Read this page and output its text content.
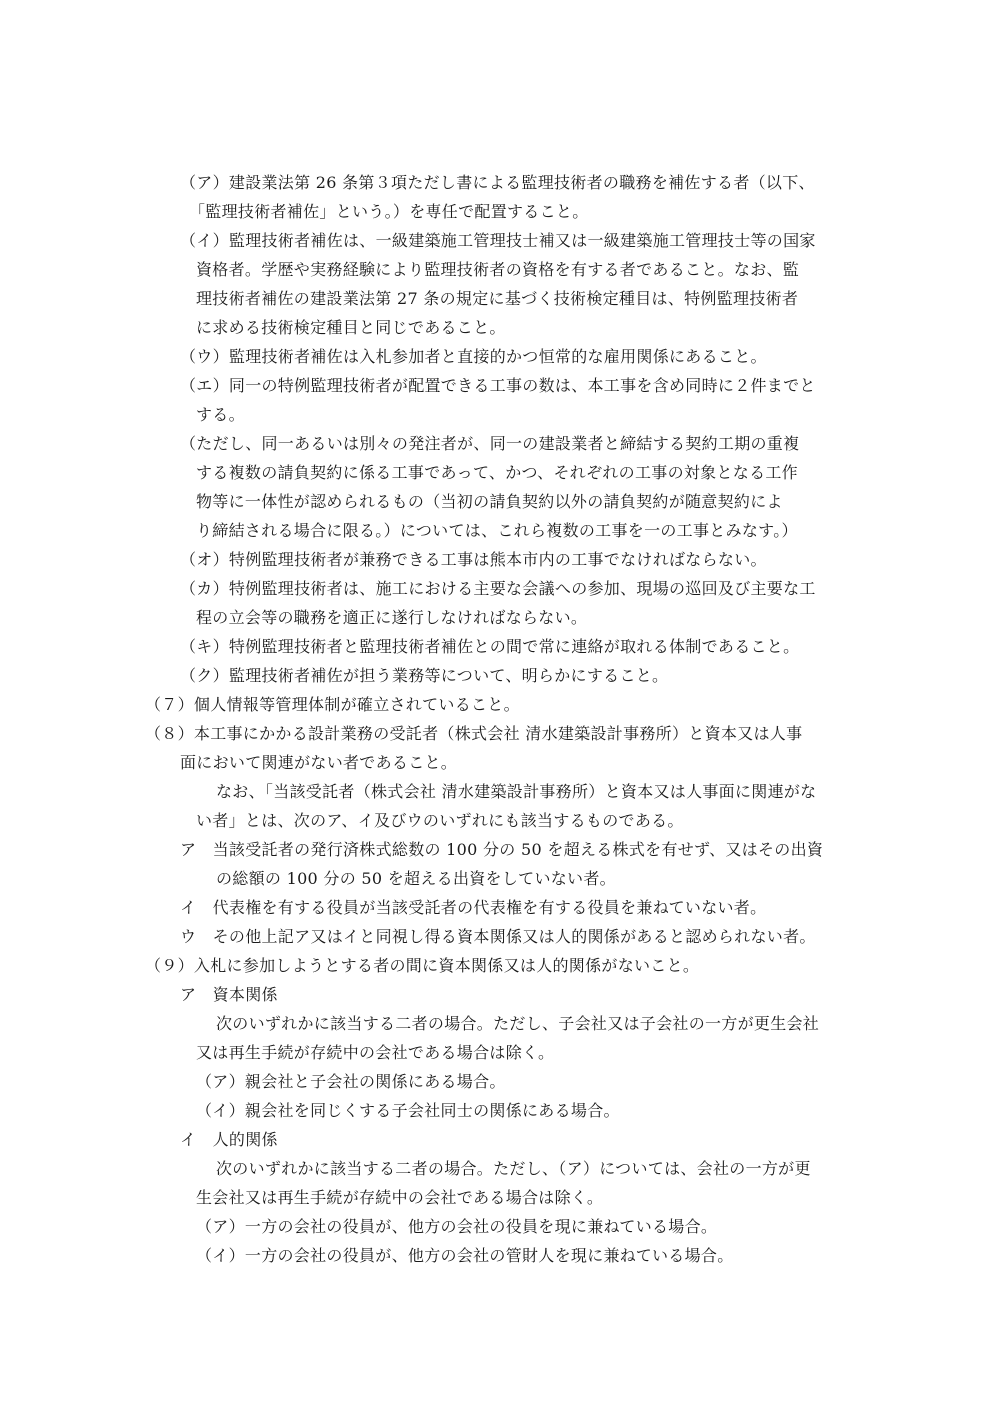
（ア）建設業法第 26 条第３項ただし書による監理技術者の職務を補佐する者（以下、
「監理技術者補佐」という。）を専任で配置すること。
（イ）監理技術者補佐は、一級建築施工管理技士補又は一級建築施工管理技士等の国家
資格者。学歴や実務経験により監理技術者の資格を有する者であること。なお、監
理技術者補佐の建設業法第 27 条の規定に基づく技術検定種目は、特例監理技術者
に求める技術検定種目と同じであること。
（ウ）監理技術者補佐は入札参加者と直接的かつ恒常的な雇用関係にあること。
（エ）同一の特例監理技術者が配置できる工事の数は、本工事を含め同時に２件までと
する。
（ただし、同一あるいは別々の発注者が、同一の建設業者と締結する契約工期の重複
する複数の請負契約に係る工事であって、かつ、それぞれの工事の対象となる工作
物等に一体性が認められるもの（当初の請負契約以外の請負契約が随意契約によ
り締結される場合に限る。）については、これら複数の工事を一の工事とみなす。）
（オ）特例監理技術者が兼務できる工事は熊本市内の工事でなければならない。
（カ）特例監理技術者は、施工における主要な会議への参加、現場の巡回及び主要な工
程の立会等の職務を適正に遂行しなければならない。
（キ）特例監理技術者と監理技術者補佐との間で常に連絡が取れる体制であること。
（ク）監理技術者補佐が担う業務等について、明らかにすること。
（７）個人情報等管理体制が確立されていること。
（８）本工事にかかる設計業務の受託者（株式会社 清水建築設計事務所）と資本又は人事
面において関連がない者であること。
なお、「当該受託者（株式会社 清水建築設計事務所）と資本又は人事面に関連がな
い者」とは、次のア、イ及びウのいずれにも該当するものである。
ア　当該受託者の発行済株式総数の 100 分の 50 を超える株式を有せず、又はその出資
の総額の 100 分の 50 を超える出資をしていない者。
イ　代表権を有する役員が当該受託者の代表権を有する役員を兼ねていない者。
ウ　その他上記ア又はイと同視し得る資本関係又は人的関係があると認められない者。
（９）入札に参加しようとする者の間に資本関係又は人的関係がないこと。
ア　資本関係
次のいずれかに該当する二者の場合。ただし、子会社又は子会社の一方が更生会社
又は再生手続が存続中の会社である場合は除く。
（ア）親会社と子会社の関係にある場合。
（イ）親会社を同じくする子会社同士の関係にある場合。
イ　人的関係
次のいずれかに該当する二者の場合。ただし、（ア）については、会社の一方が更
生会社又は再生手続が存続中の会社である場合は除く。
（ア）一方の会社の役員が、他方の会社の役員を現に兼ねている場合。
（イ）一方の会社の役員が、他方の会社の管財人を現に兼ねている場合。
